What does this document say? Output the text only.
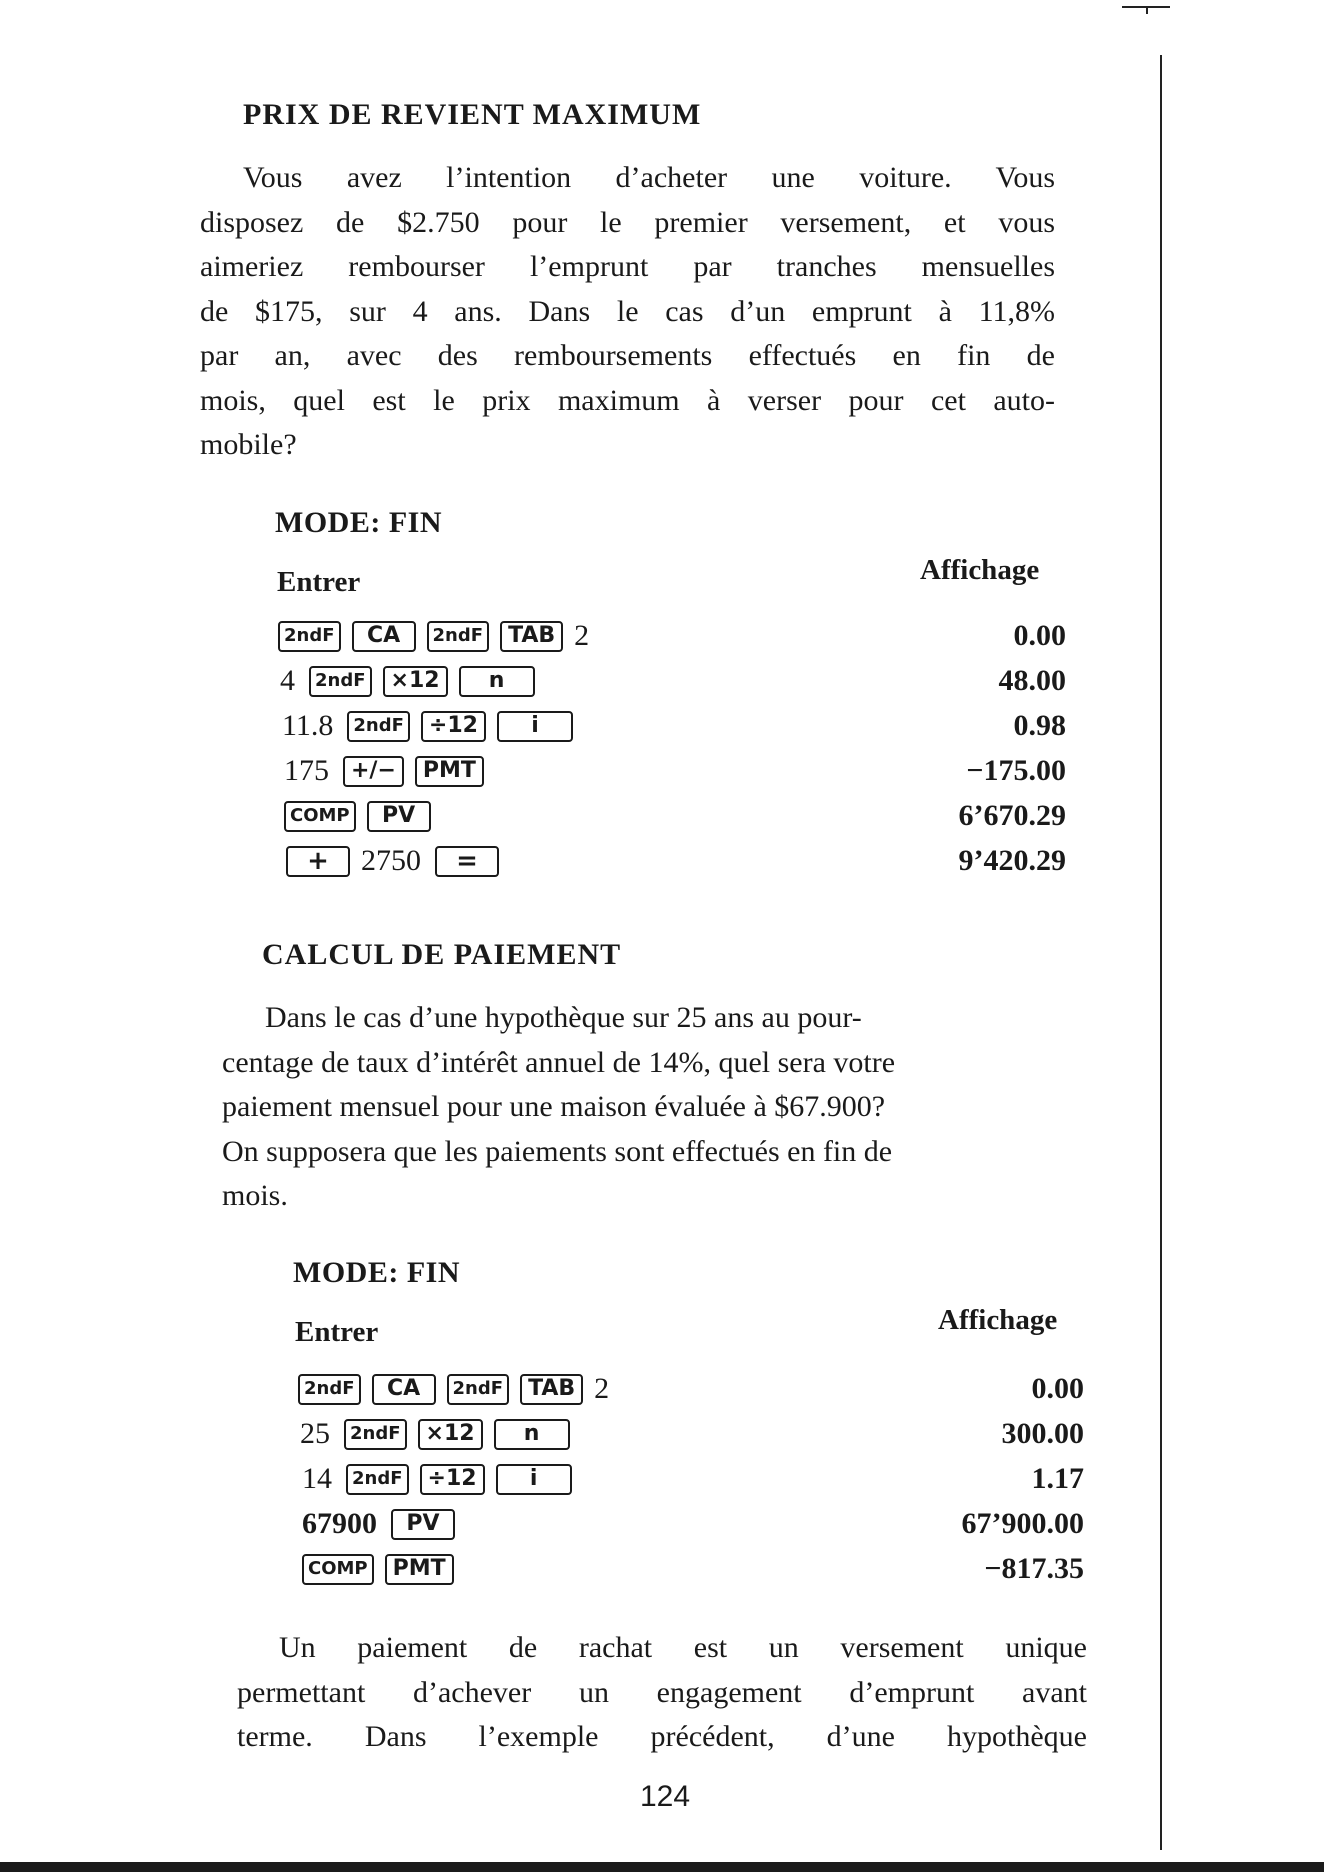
PRIX DE REVIENT MAXIMUM
Vous avez l’intention d’acheter une voiture. Vous
disposez de $2.750 pour le premier versement, et vous
aimeriez rembourser l’emprunt par tranches mensuelles
de $175, sur 4 ans. Dans le cas d’un emprunt à 11,8%
par an, avec des remboursements effectués en fin de
mois, quel est le prix maximum à verser pour cet auto-
mobile?
MODE: FIN
Entrer	Affichage
2ndF	CA	2ndF	TAB 2	0.00
4	2ndF	×12	n	48.00
11.8	2ndF	÷12	i	0.98
175	+/−	PMT	−175.00
COMP	PV	6’670.29
+	2750	=	9’420.29
CALCUL DE PAIEMENT
Dans le cas d’une hypothèque sur 25 ans au pour-
centage de taux d’intérêt annuel de 14%, quel sera votre
paiement mensuel pour une maison évaluée à $67.900?
On supposera que les paiements sont effectués en fin de
mois.
MODE: FIN
Entrer	Affichage
2ndF	CA	2ndF	TAB 2	0.00
25	2ndF	×12	n	300.00
14	2ndF	÷12	i	1.17
67900	PV	67’900.00
COMP	PMT	−817.35
Un paiement de rachat est un versement unique
permettant d’achever un engagement d’emprunt avant
terme. Dans l’exemple précédent, d’une hypothèque
124
